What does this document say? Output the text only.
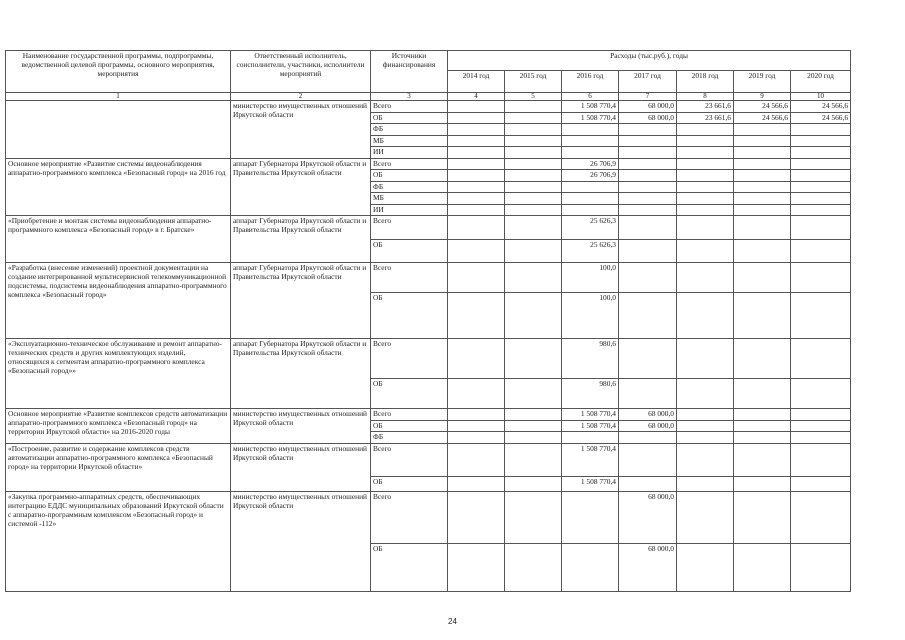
Наименование государственной программы, подпрограммы, ведомственной целевой программы, основного мероприятия, мероприятия	Ответственный исполнитель, соисполнители, участники, исполнители мероприятий	Источники финансирования	Расходы (тыс.руб.), годы						
			2014 год	2015 год	2016 год	2017 год	2018 год	2019 год	2020 год
1	2	3	4	5	6	7	8	9	10
	министерство имущественных отношений Иркутской области	Всего			1 508 770,4	68 000,0	23 661,6	24 566,6	24 566,6
		ОБ			1 508 770,4	68 000,0	23 661,6	24 566,6	24 566,6
		ФБ							
		МБ							
		ИИ							
Основное мероприятие «Развитие системы видеонаблюдения аппаратно-программного комплекса «Безопасный город» на 2016 год	аппарат Губернатора Иркутской области и Правительства Иркутской области	Всего			26 706,9				
		ОБ			26 706,9				
		ФБ							
		МБ							
		ИИ							
«Приобретение и монтаж системы видеонаблюдения аппаратно-программного комплекса «Безопасный город» в г. Братске»	аппарат Губернатора Иркутской области и Правительства Иркутской области	Всего			25 626,3				
		ОБ			25 626,3				
«Разработка (внесение изменений) проектной документации на создание интегрированной мультисервисной телекоммуникационной подсистемы, подсистемы видеонаблюдения аппаратно-программного комплекса «Безопасный город»	аппарат Губернатора Иркутской области и Правительства Иркутской области	Всего			100,0				
		ОБ			100,0				
«Эксплуатационно-техническое обслуживание и ремонт аппаратно-технических средств и других комплектующих изделий, относящихся к сегментам аппаратно-программного комплекса «Безопасный город»»	аппарат Губернатора Иркутской области и Правительства Иркутской области	Всего			980,6				
		ОБ			980,6				
Основное мероприятие «Развитие комплексов средств автоматизации аппаратно-программного комплекса «Безопасный город» на территории Иркутской области» на 2016-2020 годы	министерство имущественных отношений Иркутской области	Всего			1 508 770,4	68 000,0			
		ОБ			1 508 770,4	68 000,0			
		ФБ							
«Построение, развитие и содержание комплексов средств автоматизации аппаратно-программного комплекса «Безопасный город» на территории Иркутской области»	министерство имущественных отношений Иркутской области	Всего			1 508 770,4				
		ОБ			1 508 770,4				
«Закупка программно-аппаратных средств, обеспечивающих интеграцию ЕДДС муниципальных образований Иркутской области с аппаратно-программным комплексом «Безопасный город» и системой -112»	министерство имущественных отношений Иркутской области	Всего				68 000,0			
		ОБ				68 000,0			
24
